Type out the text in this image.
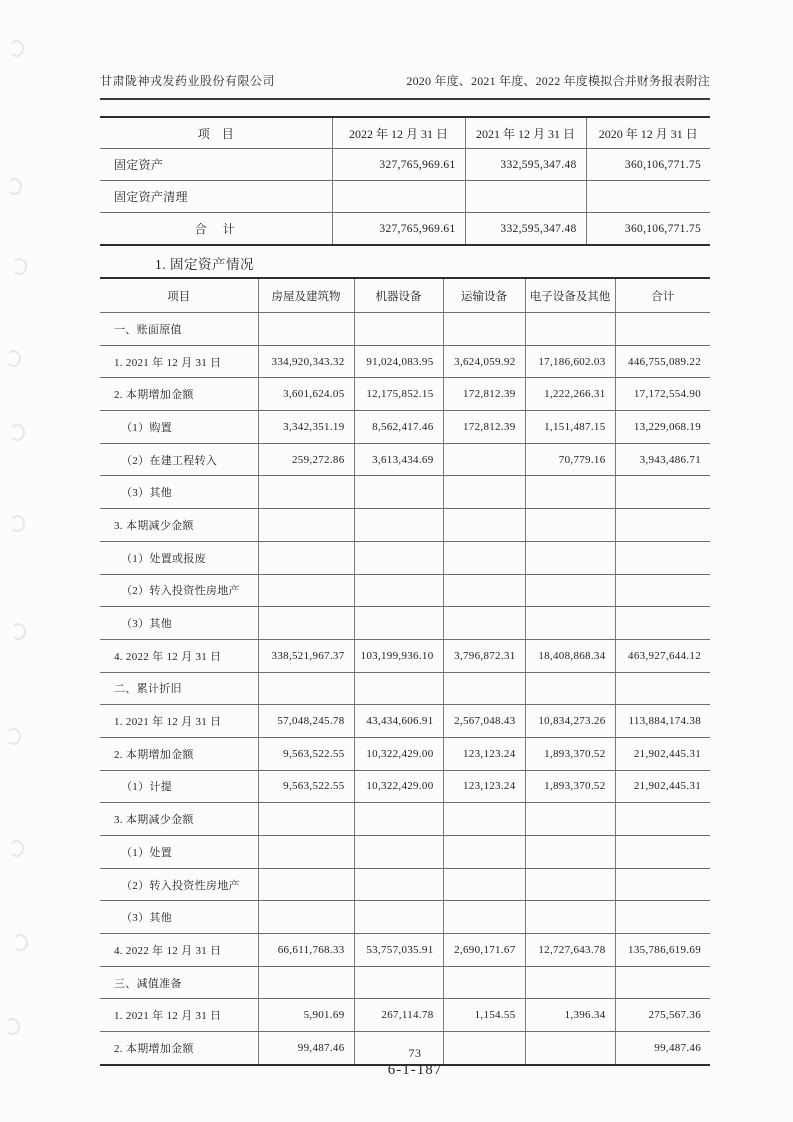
甘肃陇神戎发药业股份有限公司	2020 年度、2021 年度、2022 年度模拟合并财务报表附注
项　目	2022 年 12 月 31 日	2021 年 12 月 31 日	2020 年 12 月 31 日
固定资产	327,765,969.61	332,595,347.48	360,106,771.75
固定资产清理			
合　计	327,765,969.61	332,595,347.48	360,106,771.75
1. 固定资产情况
项目	房屋及建筑物	机器设备	运输设备	电子设备及其他	合计
一、账面原值					
1. 2021 年 12 月 31 日	334,920,343.32	91,024,083.95	3,624,059.92	17,186,602.03	446,755,089.22
2. 本期增加金额	3,601,624.05	12,175,852.15	172,812.39	1,222,266.31	17,172,554.90
（1）购置	3,342,351.19	8,562,417.46	172,812.39	1,151,487.15	13,229,068.19
（2）在建工程转入	259,272.86	3,613,434.69		70,779.16	3,943,486.71
（3）其他					
3. 本期减少金额					
（1）处置或报废					
（2）转入投资性房地产					
（3）其他					
4. 2022 年 12 月 31 日	338,521,967.37	103,199,936.10	3,796,872.31	18,408,868.34	463,927,644.12
二、累计折旧					
1. 2021 年 12 月 31 日	57,048,245.78	43,434,606.91	2,567,048.43	10,834,273.26	113,884,174.38
2. 本期增加金额	9,563,522.55	10,322,429.00	123,123.24	1,893,370.52	21,902,445.31
（1）计提	9,563,522.55	10,322,429.00	123,123.24	1,893,370.52	21,902,445.31
3. 本期减少金额					
（1）处置					
（2）转入投资性房地产					
（3）其他					
4. 2022 年 12 月 31 日	66,611,768.33	53,757,035.91	2,690,171.67	12,727,643.78	135,786,619.69
三、减值准备					
1. 2021 年 12 月 31 日	5,901.69	267,114.78	1,154.55	1,396.34	275,567.36
2. 本期增加金额	99,487.46				99,487.46
73
6-1-187
